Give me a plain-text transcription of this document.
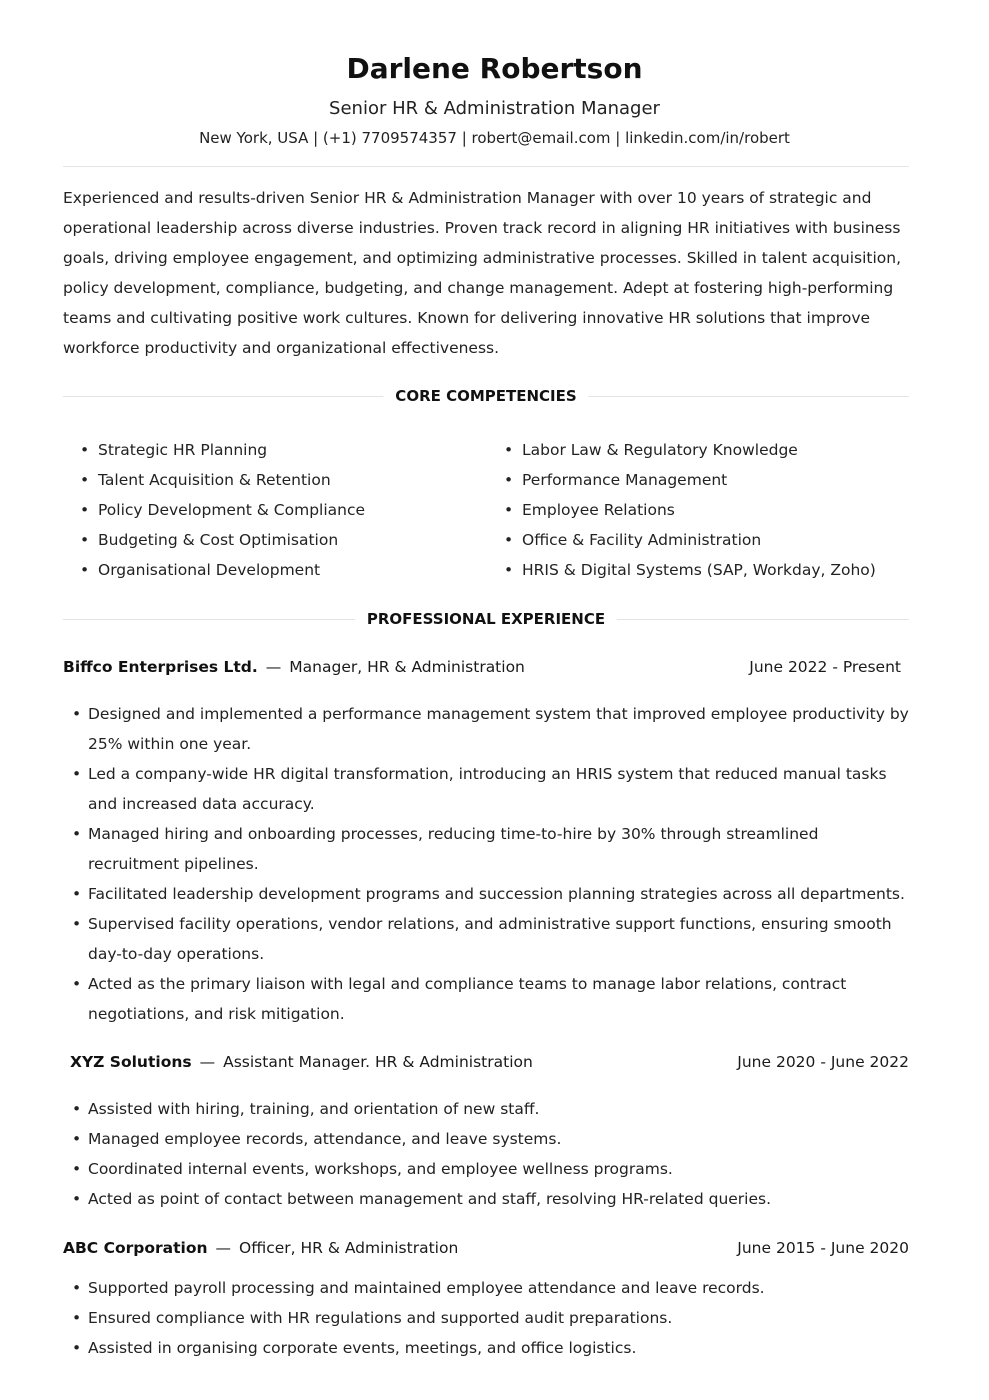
Darlene Robertson
Senior HR & Administration Manager
New York, USA | (+1) 7709574357 | robert@email.com | linkedin.com/in/robert

Experienced and results-driven Senior HR & Administration Manager with over 10 years of strategic and operational leadership across diverse industries. Proven track record in aligning HR initiatives with business goals, driving employee engagement, and optimizing administrative processes. Skilled in talent acquisition, policy development, compliance, budgeting, and change management. Adept at fostering high-performing teams and cultivating positive work cultures. Known for delivering innovative HR solutions that improve workforce productivity and organizational effectiveness.

CORE COMPETENCIES
• Strategic HR Planning
• Talent Acquisition & Retention
• Policy Development & Compliance
• Budgeting & Cost Optimisation
• Organisational Development
• Labor Law & Regulatory Knowledge
• Performance Management
• Employee Relations
• Office & Facility Administration
• HRIS & Digital Systems (SAP, Workday, Zoho)
PROFESSIONAL EXPERIENCE
Biffco Enterprises Ltd. — Manager, HR & Administration	June 2022 - Present
• Designed and implemented a performance management system that improved employee productivity by 25% within one year.
• Led a company-wide HR digital transformation, introducing an HRIS system that reduced manual tasks and increased data accuracy.
• Managed hiring and onboarding processes, reducing time-to-hire by 30% through streamlined recruitment pipelines.
• Facilitated leadership development programs and succession planning strategies across all departments.
• Supervised facility operations, vendor relations, and administrative support functions, ensuring smooth day-to-day operations.
• Acted as the primary liaison with legal and compliance teams to manage labor relations, contract negotiations, and risk mitigation.
XYZ Solutions — Assistant Manager. HR & Administration	June 2020 - June 2022
• Assisted with hiring, training, and orientation of new staff.
• Managed employee records, attendance, and leave systems.
• Coordinated internal events, workshops, and employee wellness programs.
• Acted as point of contact between management and staff, resolving HR-related queries.
ABC Corporation — Officer, HR & Administration	June 2015 - June 2020
• Supported payroll processing and maintained employee attendance and leave records.
• Ensured compliance with HR regulations and supported audit preparations.
• Assisted in organising corporate events, meetings, and office logistics.
